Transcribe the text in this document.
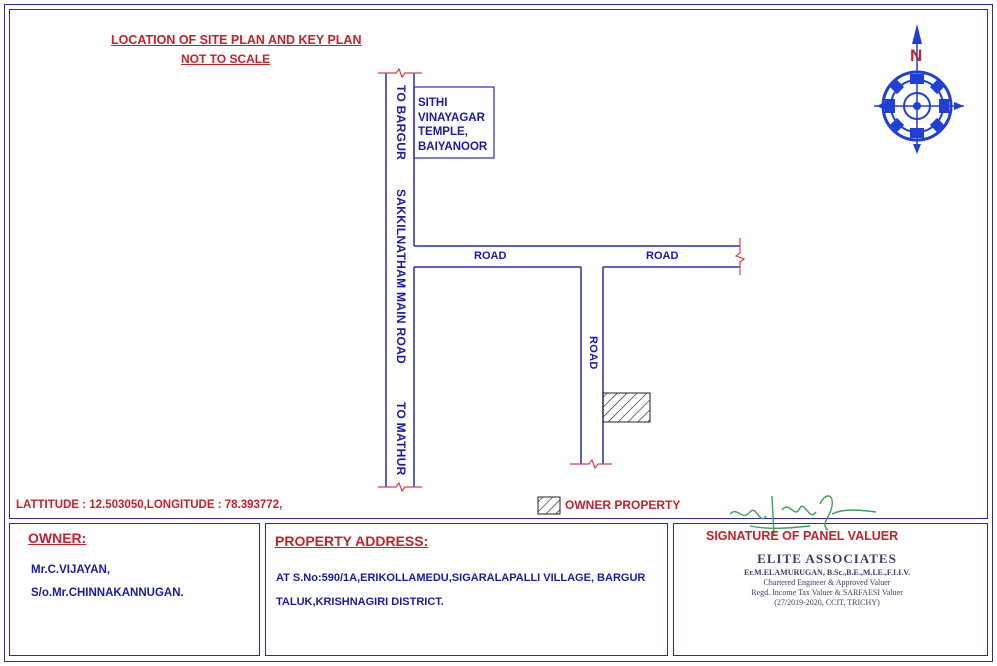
LOCATION OF SITE PLAN AND KEY PLAN
NOT TO SCALE	N
SITHI
VINAYAGAR
TEMPLE,
BAIYANOOR
TO BARGUR
SAKKILNATHAM MAIN ROAD
TO MATHUR
ROAD
ROAD	ROAD
LATTITUDE : 12.503050,LONGITUDE : 78.393772,	OWNER PROPERTY
OWNER:
Mr.C.VIJAYAN,
S/o.Mr.CHINNAKANNUGAN.
PROPERTY ADDRESS:
AT S.No:590/1A,ERIKOLLAMEDU,SIGARALAPALLI VILLAGE, BARGUR
TALUK,KRISHNAGIRI DISTRICT.
SIGNATURE OF PANEL VALUER
ELITE ASSOCIATES
Er.M.ELAMURUGAN, B.Sc.,B.E.,M.I.E.,F.I.I.V.
Chartered Engineer & Approved Valuer
Regd. Income Tax Valuer & SARFAESI Valuer
(27/2019-2020, CCIT, TRICHY)
